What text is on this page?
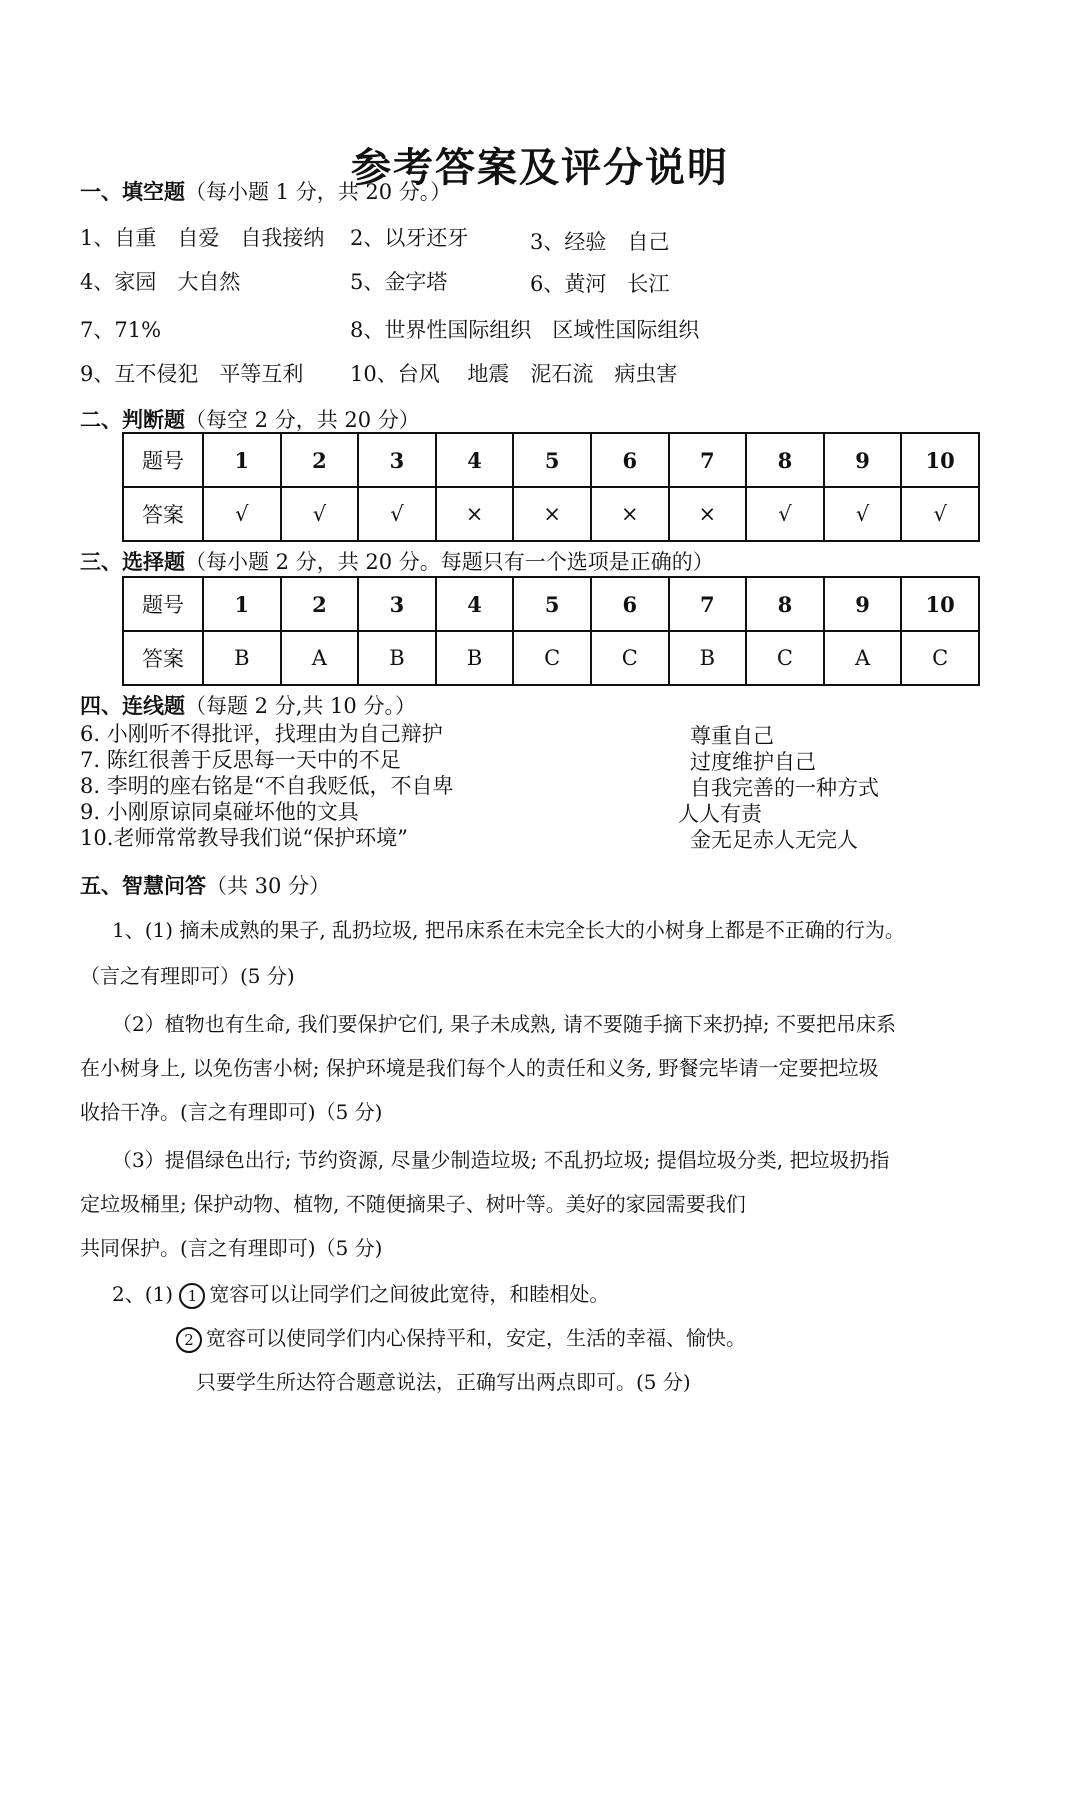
参考答案及评分说明
一、填空题（每小题 1 分，共 20 分。）
1、自重　自爱　自我接纳 2、以牙还牙	3、经验　自己
4、家园　大自然	5、金字塔	6、黄河　长江
7、71%	8、世界性国际组织　区域性国际组织
9、互不侵犯　平等互利 10、台风　 地震　泥石流　病虫害
二、判断题（每空 2 分，共 20 分）
题号	1	2	3	4	5	6	7	8	9	10
答案	√	√	√	×	×	×	×	√	√	√
三、选择题（每小题 2 分，共 20 分。每题只有一个选项是正确的）
题号	1	2	3	4	5	6	7	8	9	10
答案	B	A	B	B	C	C	B	C	A	C
四、连线题（每题 2 分,共 10 分。）
6. 小刚听不得批评，找理由为自己辩护
7. 陈红很善于反思每一天中的不足
8. 李明的座右铭是“不自我贬低，不自卑
9. 小刚原谅同桌碰坏他的文具
10.老师常常教导我们说“保护环境”
尊重自己
过度维护自己
自我完善的一种方式
人人有责
金无足赤人无完人
五、智慧问答（共 30 分）
1、(1) 摘未成熟的果子, 乱扔垃圾, 把吊床系在未完全长大的小树身上都是不正确的行为。
（言之有理即可）(5 分)
（2）植物也有生命, 我们要保护它们, 果子未成熟, 请不要随手摘下来扔掉; 不要把吊床系
在小树身上, 以免伤害小树; 保护环境是我们每个人的责任和义务, 野餐完毕请一定要把垃圾
收拾干净。(言之有理即可)（5 分)
（3）提倡绿色出行; 节约资源, 尽量少制造垃圾; 不乱扔垃圾; 提倡垃圾分类, 把垃圾扔指
定垃圾桶里; 保护动物、植物, 不随便摘果子、树叶等。美好的家园需要我们
共同保护。(言之有理即可)（5 分)
2、(1) 1 宽容可以让同学们之间彼此宽待，和睦相处。
2 宽容可以使同学们内心保持平和，安定，生活的幸福、愉快。
只要学生所达符合题意说法，正确写出两点即可。(5 分)
